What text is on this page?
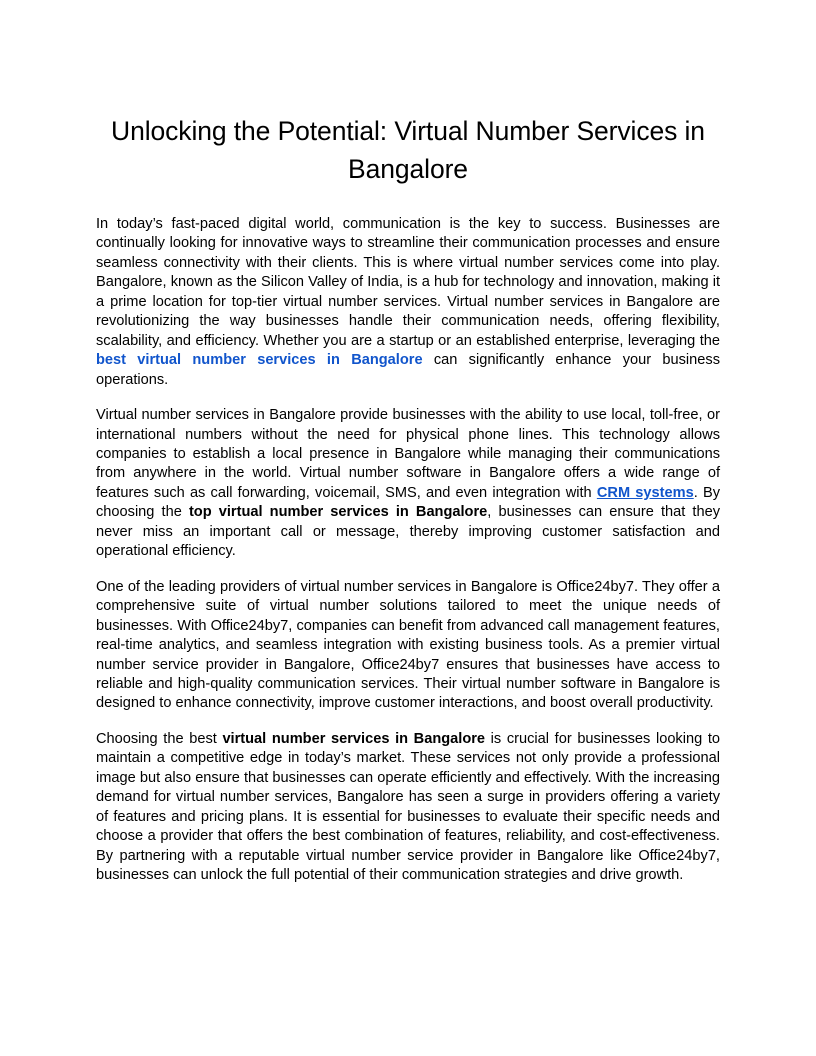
Unlocking the Potential: Virtual Number Services in Bangalore

In today’s fast-paced digital world, communication is the key to success. Businesses are continually looking for innovative ways to streamline their communication processes and ensure seamless connectivity with their clients. This is where virtual number services come into play. Bangalore, known as the Silicon Valley of India, is a hub for technology and innovation, making it a prime location for top-tier virtual number services. Virtual number services in Bangalore are revolutionizing the way businesses handle their communication needs, offering flexibility, scalability, and efficiency. Whether you are a startup or an established enterprise, leveraging the best virtual number services in Bangalore can significantly enhance your business operations.

Virtual number services in Bangalore provide businesses with the ability to use local, toll-free, or international numbers without the need for physical phone lines. This technology allows companies to establish a local presence in Bangalore while managing their communications from anywhere in the world. Virtual number software in Bangalore offers a wide range of features such as call forwarding, voicemail, SMS, and even integration with CRM systems. By choosing the top virtual number services in Bangalore, businesses can ensure that they never miss an important call or message, thereby improving customer satisfaction and operational efficiency.

One of the leading providers of virtual number services in Bangalore is Office24by7. They offer a comprehensive suite of virtual number solutions tailored to meet the unique needs of businesses. With Office24by7, companies can benefit from advanced call management features, real-time analytics, and seamless integration with existing business tools. As a premier virtual number service provider in Bangalore, Office24by7 ensures that businesses have access to reliable and high-quality communication services. Their virtual number software in Bangalore is designed to enhance connectivity, improve customer interactions, and boost overall productivity.

Choosing the best virtual number services in Bangalore is crucial for businesses looking to maintain a competitive edge in today’s market. These services not only provide a professional image but also ensure that businesses can operate efficiently and effectively. With the increasing demand for virtual number services, Bangalore has seen a surge in providers offering a variety of features and pricing plans. It is essential for businesses to evaluate their specific needs and choose a provider that offers the best combination of features, reliability, and cost-effectiveness. By partnering with a reputable virtual number service provider in Bangalore like Office24by7, businesses can unlock the full potential of their communication strategies and drive growth.
